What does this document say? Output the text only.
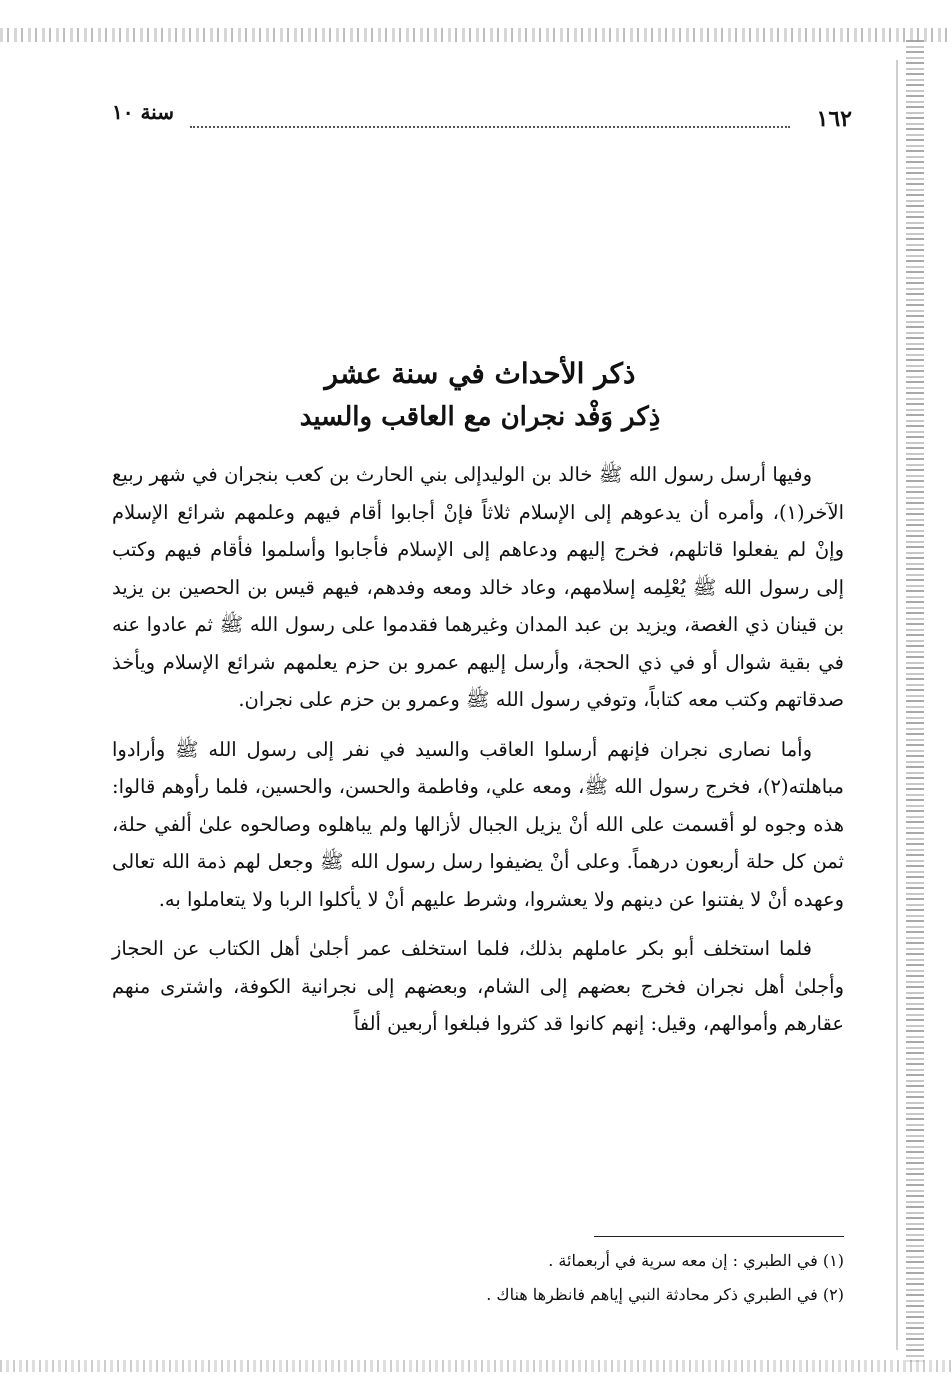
١٦٢
سنة ١٠
ذكر الأحداث في سنة عشر
ذِكر وَفْد نجران مع العاقب والسيد

وفيها أرسل رسول الله ﷺ خالد بن الوليدإلى بني الحارث بن كعب بنجران في شهر ربيع الآخر(١)، وأمره أن يدعوهم إلى الإسلام ثلاثاً فإنْ أجابوا أقام فيهم وعلمهم شرائع الإسلام وإنْ لم يفعلوا قاتلهم، فخرج إليهم ودعاهم إلى الإسلام فأجابوا وأسلموا فأقام فيهم وكتب إلى رسول الله ﷺ يُعْلِمه إسلامهم، وعاد خالد ومعه وفدهم، فيهم قيس بن الحصين بن يزيد بن قينان ذي الغصة، ويزيد بن عبد المدان وغيرهما فقدموا على رسول الله ﷺ ثم عادوا عنه في بقية شوال أو في ذي الحجة، وأرسل إليهم عمرو بن حزم يعلمهم شرائع الإسلام ويأخذ صدقاتهم وكتب معه كتاباً، وتوفي رسول الله ﷺ وعمرو بن حزم على نجران.

وأما نصارى نجران فإنهم أرسلوا العاقب والسيد في نفر إلى رسول الله ﷺ وأرادوا مباهلته(٢)، فخرج رسول الله ﷺ، ومعه علي، وفاطمة والحسن، والحسين، فلما رأوهم قالوا: هذه وجوه لو أقسمت على الله أنْ يزيل الجبال لأزالها ولم يباهلوه وصالحوه علىٰ ألفي حلة، ثمن كل حلة أربعون درهماً. وعلى أنْ يضيفوا رسل رسول الله ﷺ وجعل لهم ذمة الله تعالى وعهده أنْ لا يفتنوا عن دينهم ولا يعشروا، وشرط عليهم أنْ لا يأكلوا الربا ولا يتعاملوا به.

فلما استخلف أبو بكر عاملهم بذلك، فلما استخلف عمر أجلىٰ أهل الكتاب عن الحجاز وأجلىٰ أهل نجران فخرج بعضهم إلى الشام، وبعضهم إلى نجرانية الكوفة، واشترى منهم عقارهم وأموالهم، وقيل: إنهم كانوا قد كثروا فبلغوا أربعين ألفاً

(١) في الطبري : إن معه سرية في أربعمائة .

(٢) في الطبري ذكر محادثة النبي إياهم فانظرها هناك .
